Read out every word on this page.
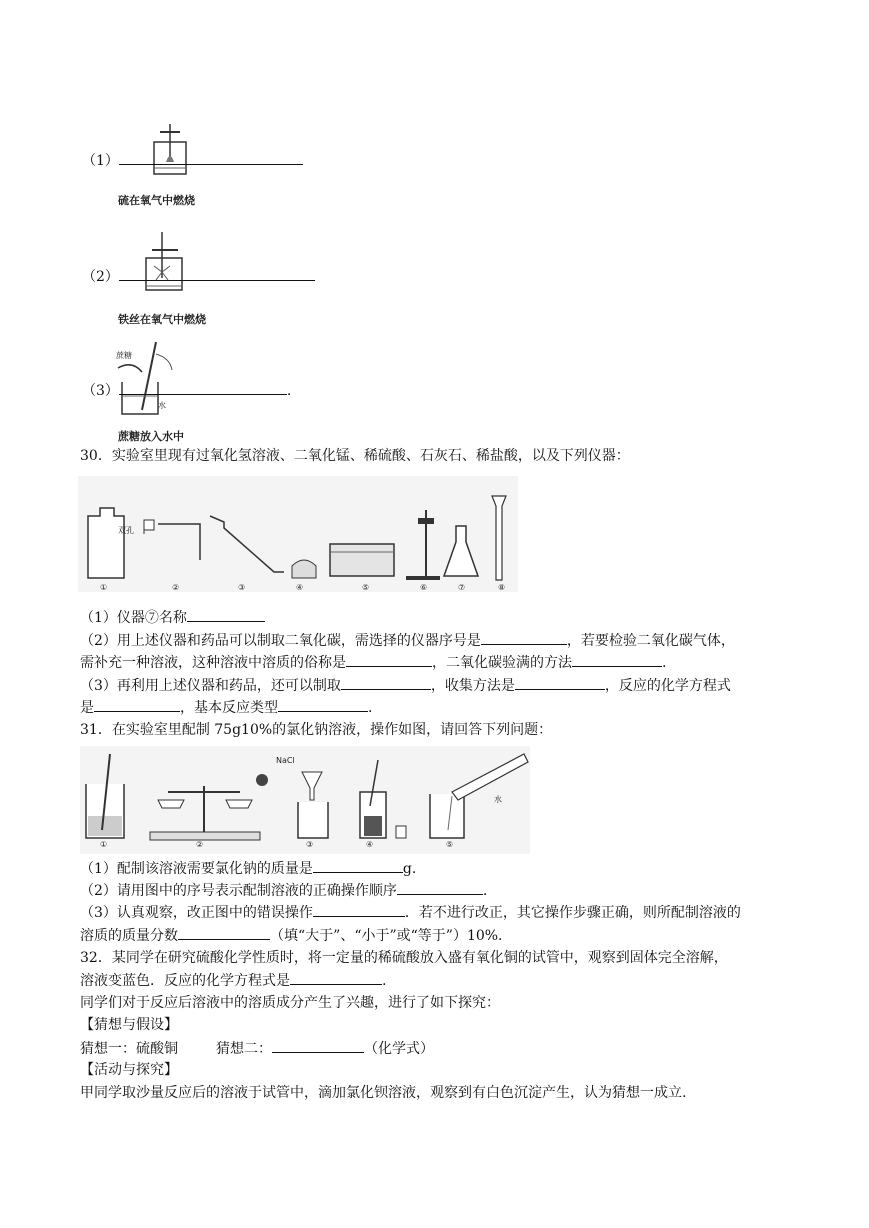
（1）
硫在氧气中燃烧
（2）
铁丝在氧气中燃烧
蔗糖
水
（3）	.
蔗糖放入水中
30．实验室里现有过氧化氢溶液、二氧化锰、稀硫酸、石灰石、稀盐酸，以及下列仪器：
双孔
①	②	③	④	⑤	⑥	⑦	⑧
（1）仪器⑦名称
（2）用上述仪器和药品可以制取二氧化碳，需选择的仪器序号是	，若要检验二氧化碳气体，
需补充一种溶液，这种溶液中溶质的俗称是	，二氧化碳验满的方法	.
（3）再利用上述仪器和药品，还可以制取	，收集方法是	，反应的化学方程式
是	，基本反应类型	.
31．在实验室里配制 75g10%的氯化钠溶液，操作如图，请回答下列问题：
NaCl
水
①	②	③	④	⑤
（1）配制该溶液需要氯化钠的质量是	g.
（2）请用图中的序号表示配制溶液的正确操作顺序	.
（3）认真观察，改正图中的错误操作	．若不进行改正，其它操作步骤正确，则所配制溶液的
溶质的质量分数	（填“大于”、“小于”或“等于”）10%.
32．某同学在研究硫酸化学性质时，将一定量的稀硫酸放入盛有氧化铜的试管中，观察到固体完全溶解，
溶液变蓝色．反应的化学方程式是	.
同学们对于反应后溶液中的溶质成分产生了兴趣，进行了如下探究：
【猜想与假设】
猜想一：硫酸铜	猜想二：	（化学式）
【活动与探究】
甲同学取沙量反应后的溶液于试管中，滴加氯化钡溶液，观察到有白色沉淀产生，认为猜想一成立.
